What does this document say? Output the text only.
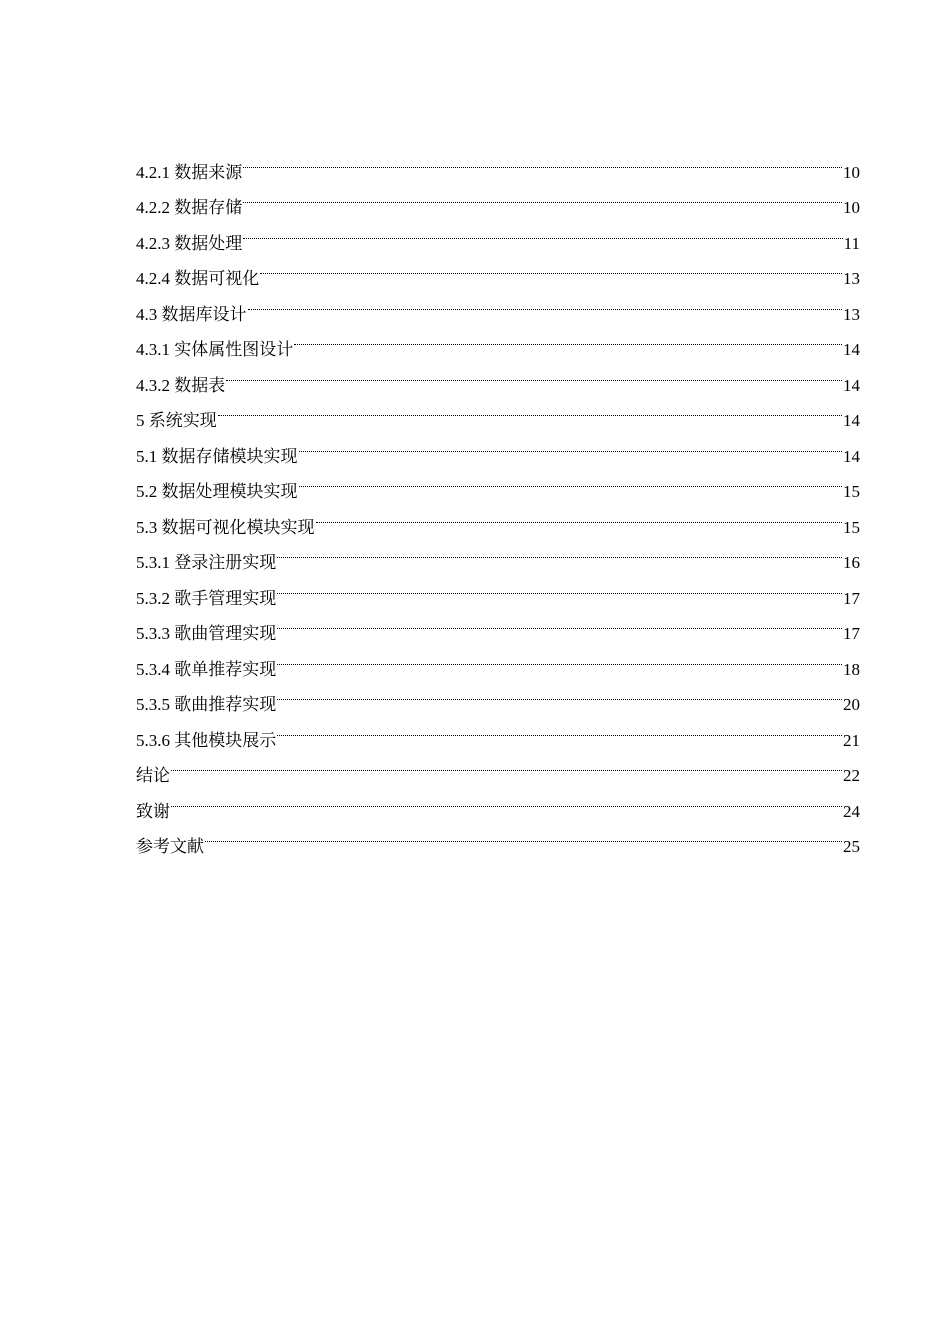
4.2.1 数据来源	10
4.2.2 数据存储	10
4.2.3 数据处理	11
4.2.4 数据可视化	13
4.3 数据库设计	13
4.3.1 实体属性图设计	14
4.3.2 数据表	14
5 系统实现	14
5.1 数据存储模块实现	14
5.2 数据处理模块实现	15
5.3 数据可视化模块实现	15
5.3.1 登录注册实现	16
5.3.2 歌手管理实现	17
5.3.3 歌曲管理实现	17
5.3.4 歌单推荐实现	18
5.3.5 歌曲推荐实现	20
5.3.6 其他模块展示	21
结论	22
致谢	24
参考文献	25
